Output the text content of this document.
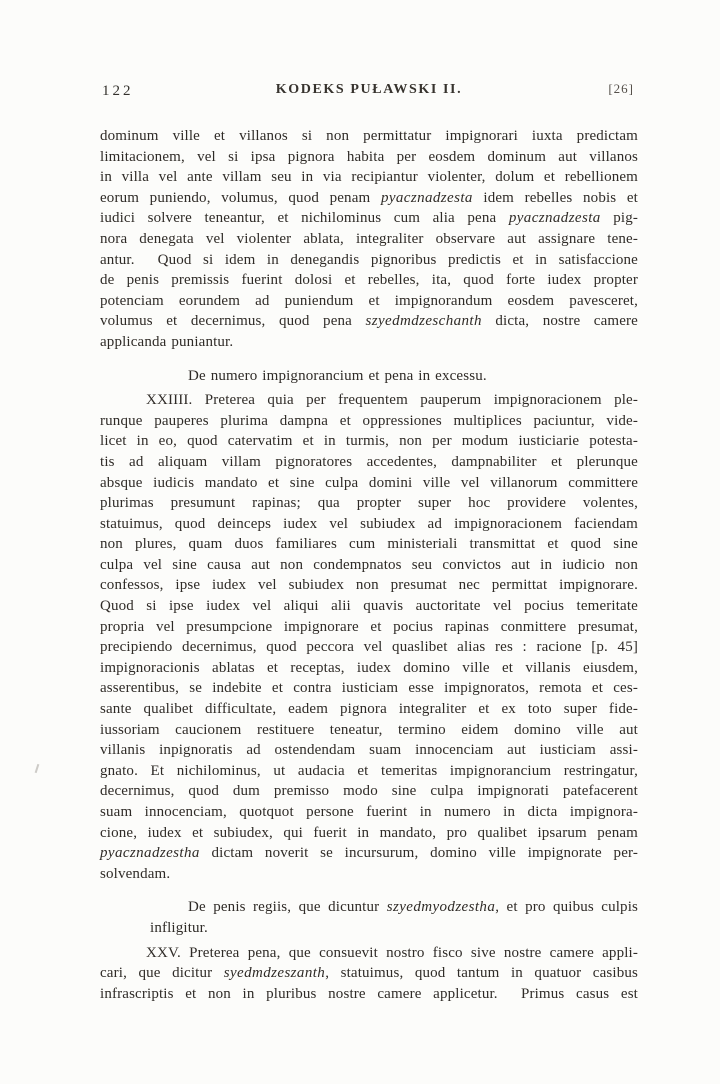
122	KODEKS PUŁAWSKI II.	[26]
dominum ville et villanos si non permittatur impignorari iuxta predictam
limitacionem, vel si ipsa pignora habita per eosdem dominum aut villanos
in villa vel ante villam seu in via recipiantur violenter, dolum et rebellionem
eorum puniendo, volumus, quod penam pyacznadzesta idem rebelles nobis et
iudici solvere teneantur, et nichilominus cum alia pena pyacznadzesta pig-
nora denegata vel violenter ablata, integraliter observare aut assignare tene-
antur.  Quod si idem in denegandis pignoribus predictis et in satisfaccione
de penis premissis fuerint dolosi et rebelles, ita, quod forte iudex propter
potenciam eorundem ad puniendum et impignorandum eosdem pavesceret,
volumus et decernimus, quod pena szyedmdzeschanth dicta, nostre camere
applicanda puniantur.
De numero impignorancium et pena in excessu.
XXIIII. Preterea quia per frequentem pauperum impignoracionem ple-
runque pauperes plurima dampna et oppressiones multiplices paciuntur, vide-
licet in eo, quod catervatim et in turmis, non per modum iusticiarie potesta-
tis ad aliquam villam pignoratores accedentes, dampnabiliter et plerunque
absque iudicis mandato et sine culpa domini ville vel villanorum committere
plurimas presumunt rapinas; qua propter super hoc providere volentes,
statuimus, quod deinceps iudex vel subiudex ad impignoracionem faciendam
non plures, quam duos familiares cum ministeriali transmittat et quod sine
culpa vel sine causa aut non condempnatos seu convictos aut in iudicio non
confessos, ipse iudex vel subiudex non presumat nec permittat impignorare.
Quod si ipse iudex vel aliqui alii quavis auctoritate vel pocius temeritate
propria vel presumpcione impignorare et pocius rapinas conmittere presumat,
precipiendo decernimus, quod peccora vel quaslibet alias res : racione [p. 45]
impignoracionis ablatas et receptas, iudex domino ville et villanis eiusdem,
asserentibus, se indebite et contra iusticiam esse impignoratos, remota et ces-
sante qualibet difficultate, eadem pignora integraliter et ex toto super fide-
iussoriam caucionem restituere teneatur, termino eidem domino ville aut
villanis inpignoratis ad ostendendam suam innocenciam aut iusticiam assi-
gnato. Et nichilominus, ut audacia et temeritas impignorancium restringatur,
decernimus, quod dum premisso modo sine culpa impignorati patefacerent
suam innocenciam, quotquot persone fuerint in numero in dicta impignora-
cione, iudex et subiudex, qui fuerit in mandato, pro qualibet ipsarum penam
pyacznadzestha dictam noverit se incursurum, domino ville impignorate per-
solvendam.
De penis regiis, que dicuntur szyedmyodzestha, et pro quibus culpis
infligitur.
XXV. Preterea pena, que consuevit nostro fisco sive nostre camere appli-
cari, que dicitur syedmdzeszanth, statuimus, quod tantum in quatuor casibus
infrascriptis et non in pluribus nostre camere applicetur.  Primus casus est
